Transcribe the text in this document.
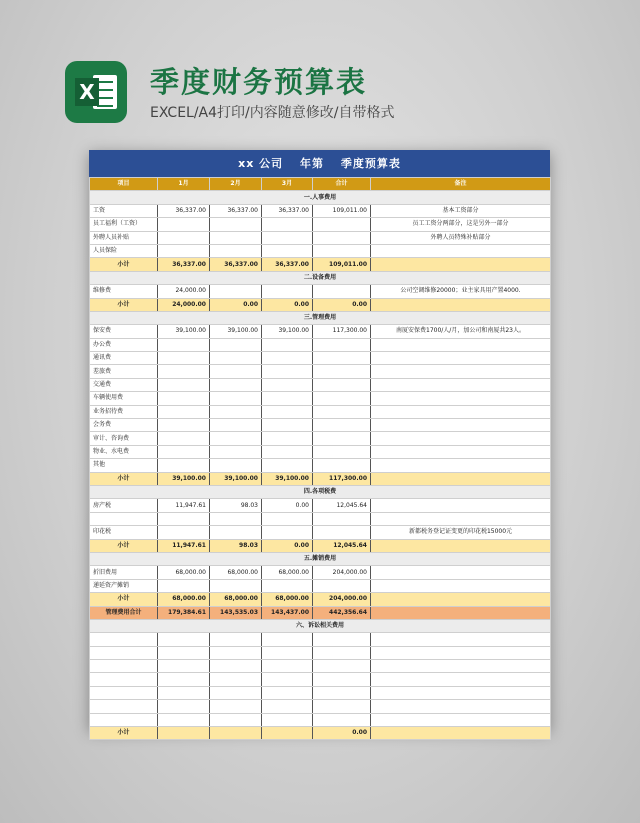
X 季度财务预算表
EXCEL/A4打印/内容随意修改/自带格式
xx 公司　 年第　 季度预算表
项目	1月	2月	3月	合计	备注
一.人事费用					
工资	36,337.00	36,337.00	36,337.00	109,011.00	基本工资部分
员工福利（工资）					员工工资分两部分，这是另外一部分
外聘人员补贴					外聘人员特殊补贴部分
人员保险					
小计	36,337.00	36,337.00	36,337.00	109,011.00	
二.设备费用					
维修费	24,000.00				公司空调维修20000；业主家具用产置4000.
小计	24,000.00	0.00	0.00	0.00	
三.管理费用					
保安费	39,100.00	39,100.00	39,100.00	117,300.00	南厦安保费1700/人/月，加公司和南厦共23人。
办公费					
通讯费					
差旅费					
交通费					
车辆使用费					
业务招待费					
会务费					
审计、咨询费					
物业、水电费					
其他					
小计	39,100.00	39,100.00	39,100.00	117,300.00	
四.各项税费					
房产税	11,947.61	98.03	0.00	12,045.64	

印花税					新都税务登记证变更的印花税15000元
小计	11,947.61	98.03	0.00	12,045.64	
五.摊销费用					
折旧费用	68,000.00	68,000.00	68,000.00	204,000.00	
递延资产摊销					
小计	68,000.00	68,000.00	68,000.00	204,000.00	
管理费用合计	179,384.61	143,535.03	143,437.00	442,356.64	
六、诉讼相关费用					

小计				0.00	
